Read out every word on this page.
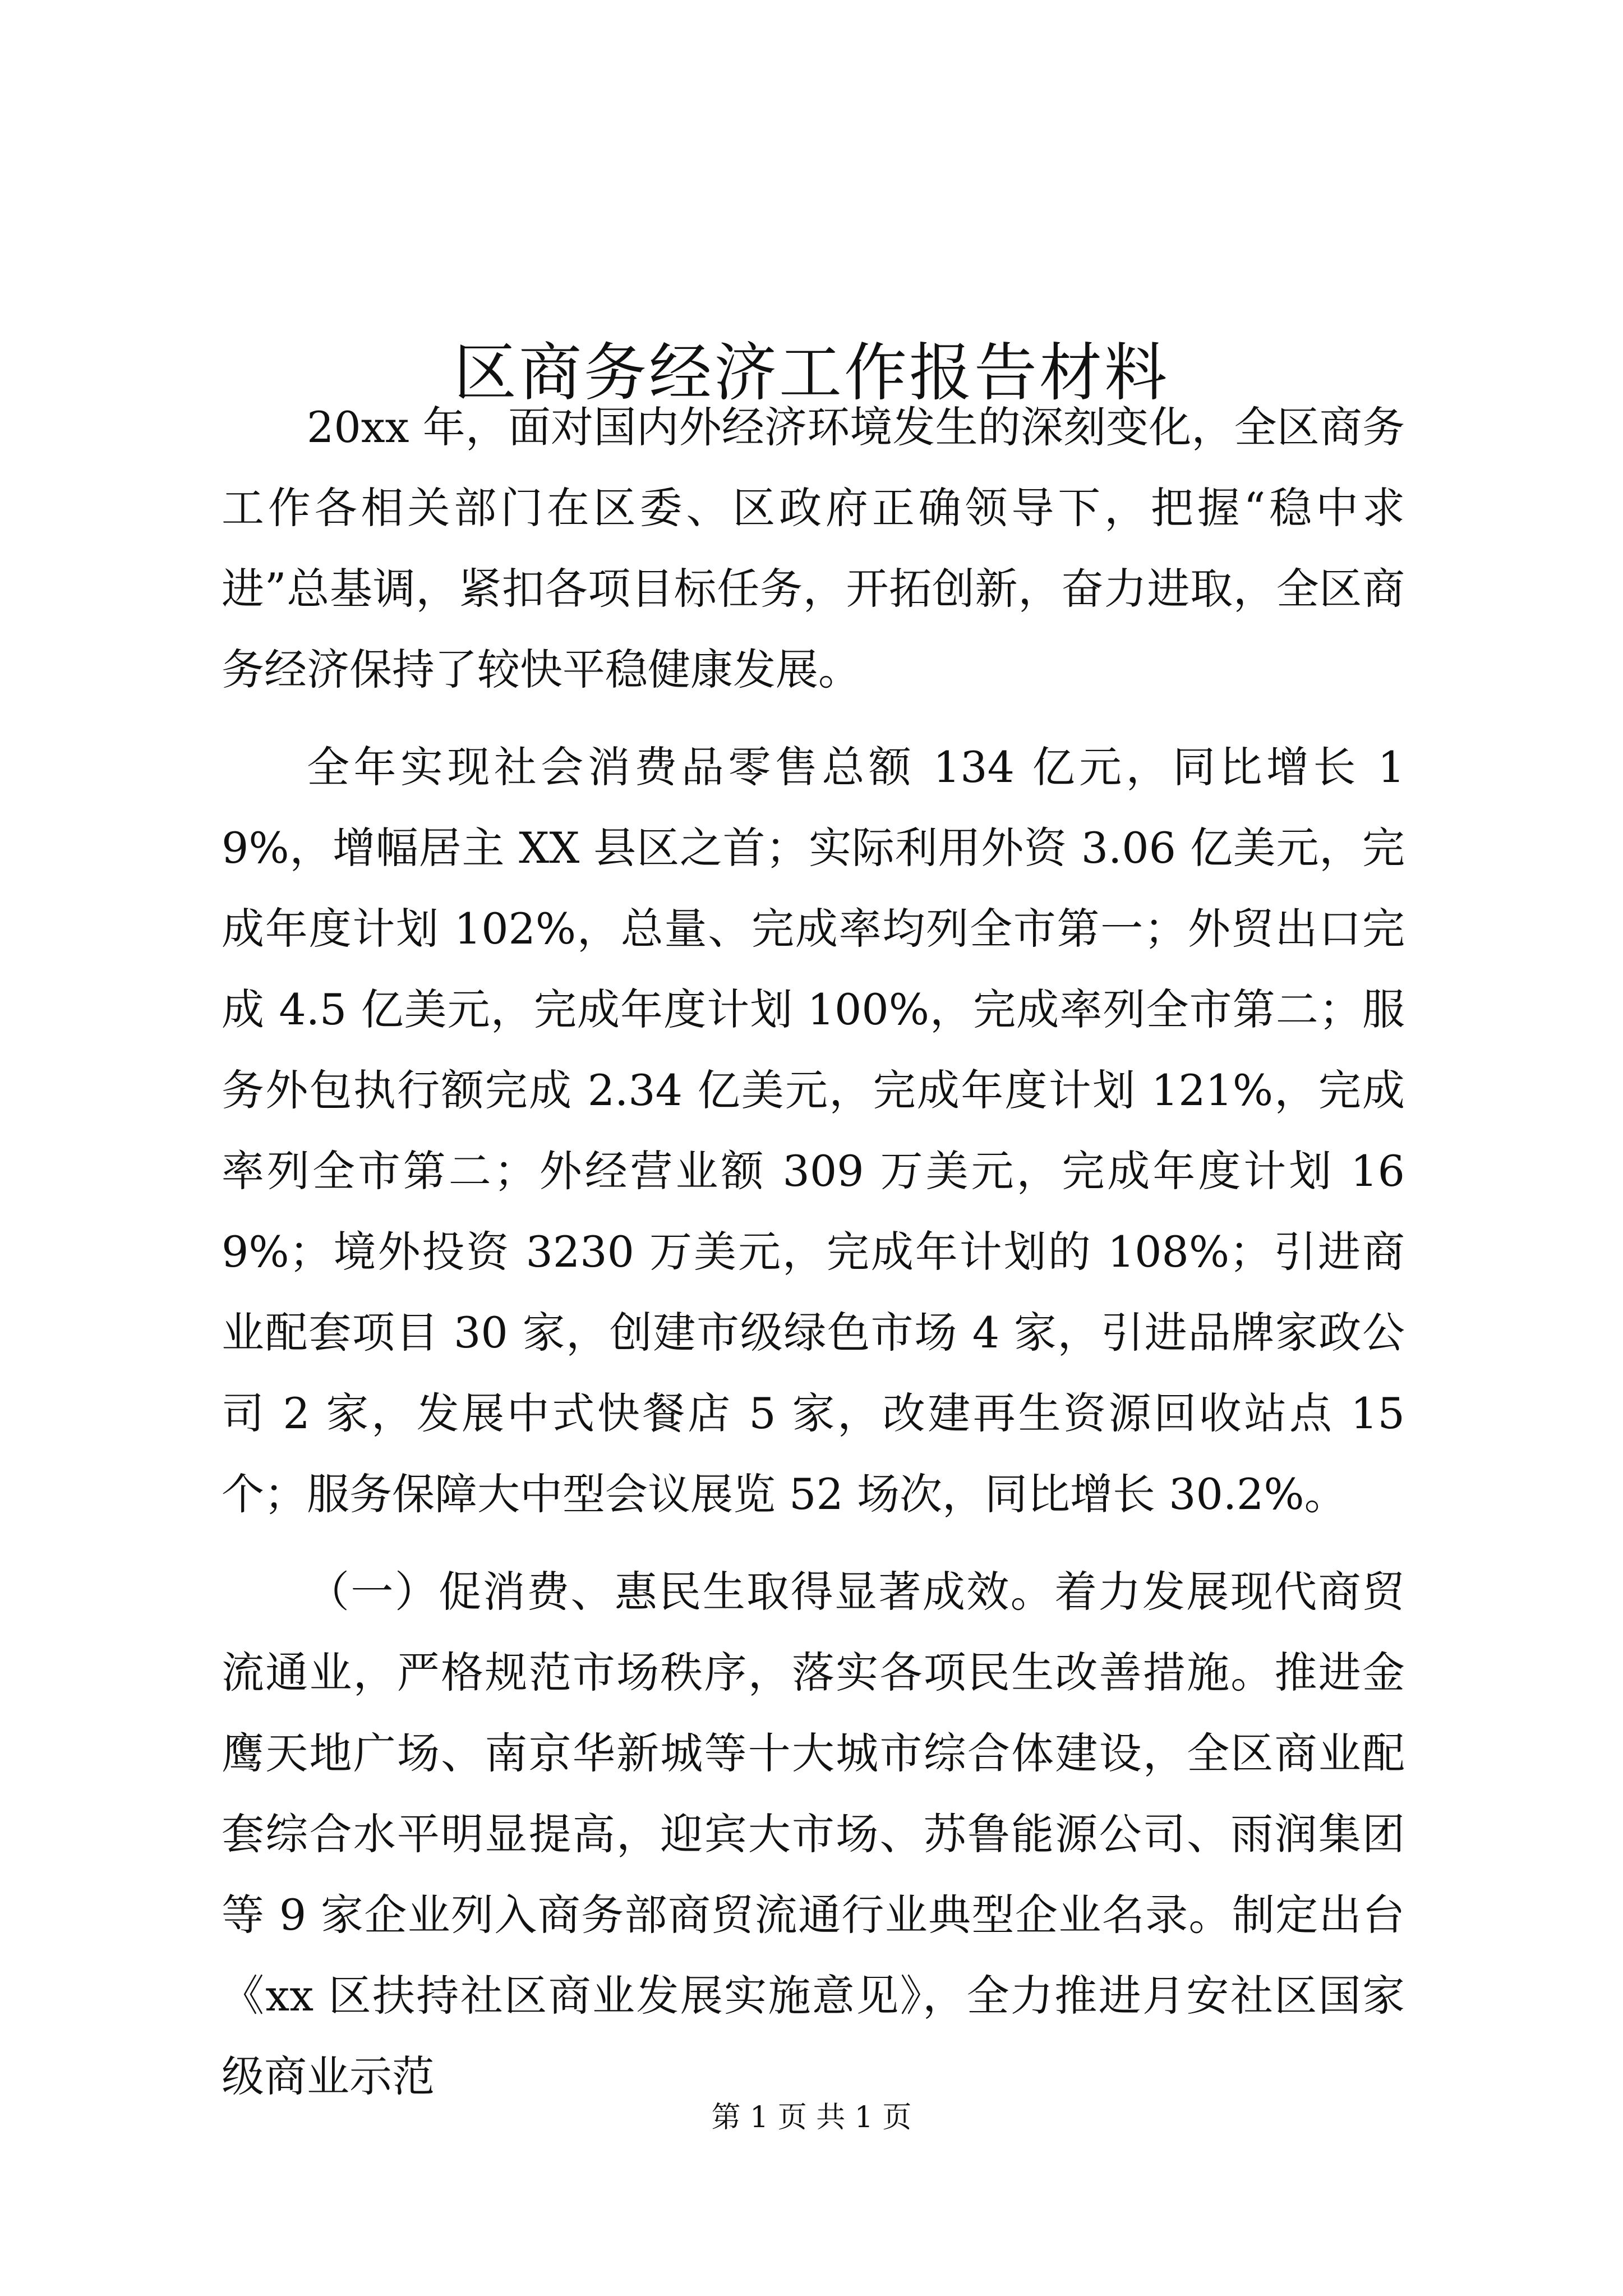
区商务经济工作报告材料

20xx 年，面对国内外经济环境发生的深刻变化，全区商务工作各相关部门在区委、区政府正确领导下，把握“稳中求进”总基调，紧扣各项目标任务，开拓创新，奋力进取，全区商务经济保持了较快平稳健康发展。

全年实现社会消费品零售总额 134 亿元，同比增长 19%，增幅居主 XX 县区之首；实际利用外资 3.06 亿美元，完成年度计划 102%，总量、完成率均列全市第一；外贸出口完成 4.5 亿美元，完成年度计划 100%，完成率列全市第二；服务外包执行额完成 2.34 亿美元，完成年度计划 121%，完成率列全市第二；外经营业额 309 万美元，完成年度计划 169%；境外投资 3230 万美元，完成年计划的 108%；引进商业配套项目 30 家，创建市级绿色市场 4 家，引进品牌家政公司 2 家，发展中式快餐店 5 家，改建再生资源回收站点 15 个；服务保障大中型会议展览 52 场次，同比增长 30.2%。

（一）促消费、惠民生取得显著成效。着力发展现代商贸流通业，严格规范市场秩序，落实各项民生改善措施。推进金鹰天地广场、南京华新城等十大城市综合体建设，全区商业配套综合水平明显提高，迎宾大市场、苏鲁能源公司、雨润集团等 9 家企业列入商务部商贸流通行业典型企业名录。制定出台《xx 区扶持社区商业发展实施意见》，全力推进月安社区国家级商业示范

第 1 页 共 1 页
